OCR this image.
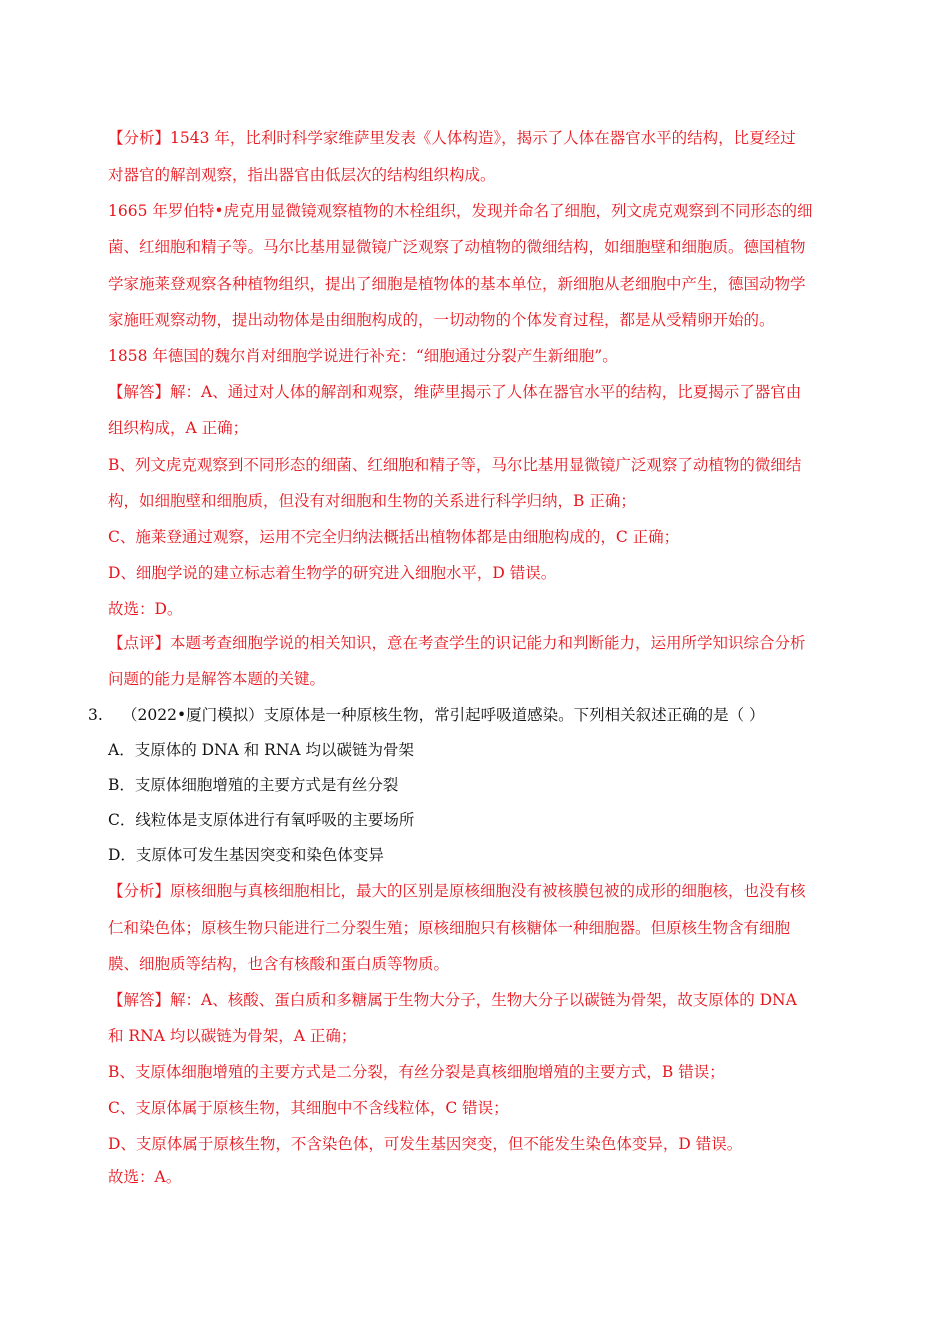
【分析】1543 年，比利时科学家维萨里发表《人体构造》，揭示了人体在器官水平的结构，比夏经过
对器官的解剖观察，指出器官由低层次的结构组织构成。
1665 年罗伯特•虎克用显微镜观察植物的木栓组织，发现并命名了细胞，列文虎克观察到不同形态的细
菌、红细胞和精子等。马尔比基用显微镜广泛观察了动植物的微细结构，如细胞壁和细胞质。德国植物
学家施莱登观察各种植物组织，提出了细胞是植物体的基本单位，新细胞从老细胞中产生，德国动物学
家施旺观察动物，提出动物体是由细胞构成的，一切动物的个体发育过程，都是从受精卵开始的。
1858 年德国的魏尔肖对细胞学说进行补充：“细胞通过分裂产生新细胞”。
【解答】解：A、通过对人体的解剖和观察，维萨里揭示了人体在器官水平的结构，比夏揭示了器官由
组织构成，A 正确；
B、列文虎克观察到不同形态的细菌、红细胞和精子等，马尔比基用显微镜广泛观察了动植物的微细结
构，如细胞壁和细胞质，但没有对细胞和生物的关系进行科学归纳，B 正确；
C、施莱登通过观察，运用不完全归纳法概括出植物体都是由细胞构成的，C 正确；
D、细胞学说的建立标志着生物学的研究进入细胞水平，D 错误。
故选：D。
【点评】本题考查细胞学说的相关知识，意在考查学生的识记能力和判断能力，运用所学知识综合分析
问题的能力是解答本题的关键。
3. （2022•厦门模拟）支原体是一种原核生物，常引起呼吸道感染。下列相关叙述正确的是（ ）
A．支原体的 DNA 和 RNA 均以碳链为骨架
B．支原体细胞增殖的主要方式是有丝分裂
C．线粒体是支原体进行有氧呼吸的主要场所
D．支原体可发生基因突变和染色体变异
【分析】原核细胞与真核细胞相比，最大的区别是原核细胞没有被核膜包被的成形的细胞核，也没有核
仁和染色体；原核生物只能进行二分裂生殖；原核细胞只有核糖体一种细胞器。但原核生物含有细胞
膜、细胞质等结构，也含有核酸和蛋白质等物质。
【解答】解：A、核酸、蛋白质和多糖属于生物大分子，生物大分子以碳链为骨架，故支原体的 DNA
和 RNA 均以碳链为骨架，A 正确；
B、支原体细胞增殖的主要方式是二分裂，有丝分裂是真核细胞增殖的主要方式，B 错误；
C、支原体属于原核生物，其细胞中不含线粒体，C 错误；
D、支原体属于原核生物，不含染色体，可发生基因突变，但不能发生染色体变异，D 错误。
故选：A。
